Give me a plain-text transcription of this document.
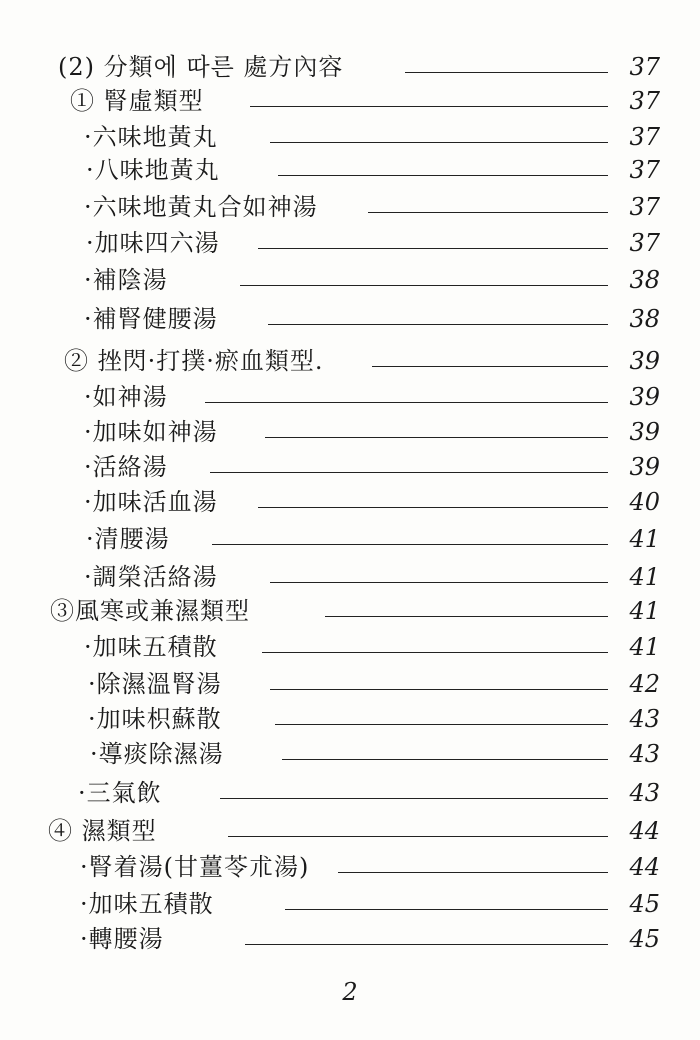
(2) 分類에 따른 處方內容	37
① 腎虛類型	37
·六味地黃丸	37
·八味地黃丸	37
·六味地黃丸合如神湯	37
·加味四六湯	37
·補陰湯	38
·補腎健腰湯	38
② 挫閃·打撲·瘀血類型.	39
·如神湯	39
·加味如神湯	39
·活絡湯	39
·加味活血湯	40
·清腰湯	41
·調榮活絡湯	41
③風寒或兼濕類型	41
·加味五積散	41
·除濕溫腎湯	42
·加味枳蘇散	43
·導痰除濕湯	43
·三氣飲	43
④ 濕類型	44
·腎着湯(甘薑苓朮湯)	44
·加味五積散	45
·轉腰湯	45
2
